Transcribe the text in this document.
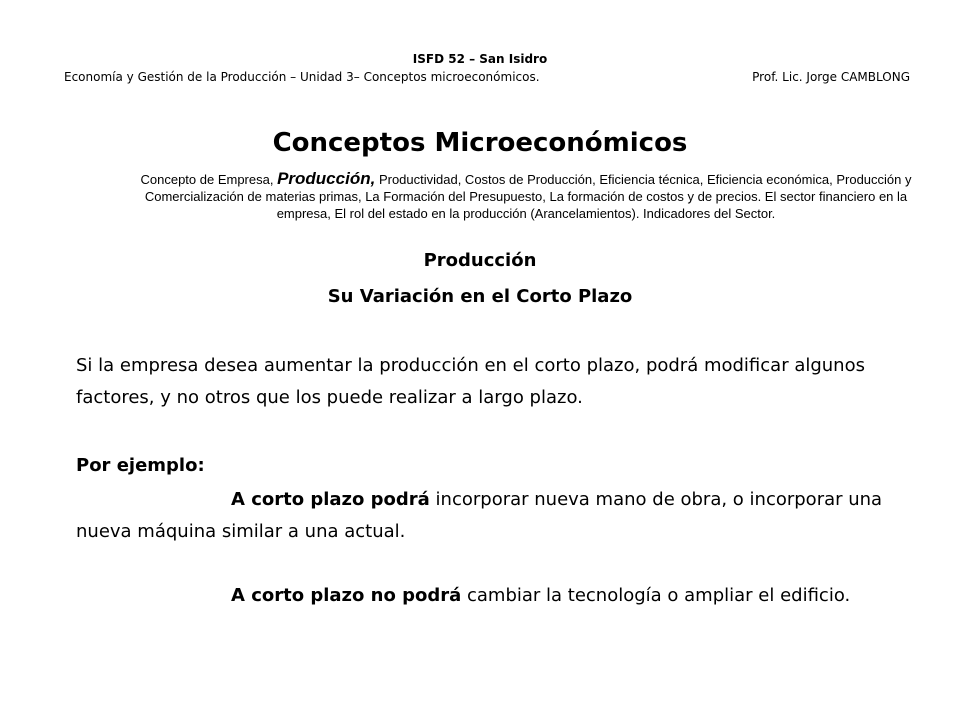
ISFD 52 – San Isidro
Economía y Gestión de la Producción – Unidad 3– Conceptos microeconómicos.	Prof. Lic. Jorge CAMBLONG
Conceptos Microeconómicos
Concepto de Empresa, Producción, Productividad, Costos de Producción, Eficiencia técnica, Eficiencia económica, Producción y Comercialización de materias primas, La Formación del Presupuesto, La formación de costos y de precios. El sector financiero en la empresa, El rol del estado en la producción (Arancelamientos). Indicadores del Sector.
Producción
Su Variación en el Corto Plazo
Si la empresa desea aumentar la producción en el corto plazo, podrá modificar algunos factores, y no otros que los puede realizar a largo plazo.
Por ejemplo:
A corto plazo podrá incorporar nueva mano de obra, o incorporar una nueva máquina similar a una actual.
A corto plazo no podrá cambiar la tecnología o ampliar el edificio.
